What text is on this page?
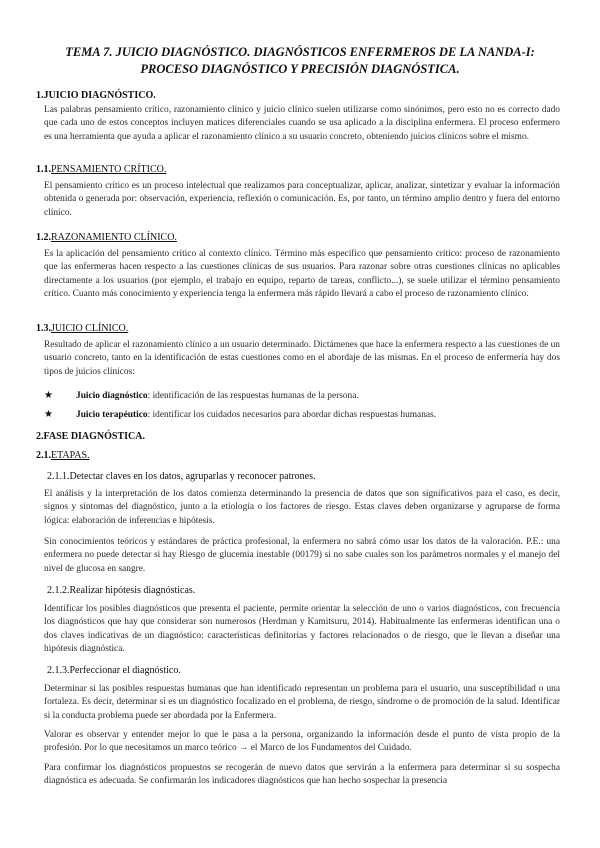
TEMA 7. JUICIO DIAGNÓSTICO. DIAGNÓSTICOS ENFERMEROS DE LA NANDA-I: PROCESO DIAGNÓSTICO Y PRECISIÓN DIAGNÓSTICA.
1.JUICIO DIAGNÓSTICO.
Las palabras pensamiento crítico, razonamiento clínico y juicio clínico suelen utilizarse como sinónimos, pero esto no es correcto dado que cada uno de estos conceptos incluyen matices diferenciales cuando se usa aplicado a la disciplina enfermera. El proceso enfermero es una herramienta que ayuda a aplicar el razonamiento clínico a su usuario concreto, obteniendo juicios clínicos sobre el mismo.
1.1.PENSAMIENTO CRÍTICO.
El pensamiento crítico es un proceso intelectual que realizamos para conceptualizar, aplicar, analizar, sintetizar y evaluar la información obtenida o generada por: observación, experiencia, reflexión o comunicación. Es, por tanto, un término amplio dentro y fuera del entorno clínico.
1.2.RAZONAMIENTO CLÍNICO.
Es la aplicación del pensamiento crítico al contexto clínico. Término más específico que pensamiento crítico: proceso de razonamiento que las enfermeras hacen respecto a las cuestiones clínicas de sus usuarios. Para razonar sobre otras cuestiones clínicas no aplicables directamente a los usuarios (por ejemplo, el trabajo en equipo, reparto de tareas, conflicto...), se suele utilizar el término pensamiento crítico. Cuanto más conocimiento y experiencia tenga la enfermera más rápido llevará a cabo el proceso de razonamiento clínico.
1.3.JUICIO CLÍNICO.
Resultado de aplicar el razonamiento clínico a un usuario determinado. Dictámenes que hace la enfermera respecto a las cuestiones de un usuario concreto, tanto en la identificación de estas cuestiones como en el abordaje de las mismas. En el proceso de enfermería hay dos tipos de juicios clínicos:
★ Juicio diagnóstico: identificación de las respuestas humanas de la persona.
★ Juicio terapéutico: identificar los cuidados necesarios para abordar dichas respuestas humanas.
2.FASE DIAGNÓSTICA.
2.1.ETAPAS.
2.1.1.Detectar claves en los datos, agruparlas y reconocer patrones.
El análisis y la interpretación de los datos comienza determinando la presencia de datos que son significativos para el caso, es decir, signos y síntomas del diagnóstico, junto a la etiología o los factores de riesgo. Estas claves deben organizarse y agruparse de forma lógica: elaboración de inferencias e hipótesis.
Sin conocimientos teóricos y estándares de práctica profesional, la enfermera no sabrá cómo usar los datos de la valoración. P.E.: una enfermera no puede detectar si hay Riesgo de glucemia inestable (00179) si no sabe cuales son los parámetros normales y el manejo del nivel de glucosa en sangre.
2.1.2.Realizar hipótesis diagnósticas.
Identificar los posibles diagnósticos que presenta el paciente, permite orientar la selección de uno o varios diagnósticos, con frecuencia los diagnósticos que hay que considerar son numerosos (Herdman y Kamitsuru, 2014). Habitualmente las enfermeras identifican una o dos claves indicativas de un diagnóstico: características definitorias y factores relacionados o de riesgo, que le llevan a diseñar una hipótesis diagnóstica.
2.1.3.Perfeccionar el diagnóstico.
Determinar si las posibles respuestas humanas que han identificado representan un problema para el usuario, una susceptibilidad o una fortaleza. Es decir, determinar si es un diagnóstico focalizado en el problema, de riesgo, síndrome o de promoción de la salud. Identificar si la conducta problema puede ser abordada por la Enfermera.
Valorar es observar y entender mejor lo que le pasa a la persona, organizando la información desde el punto de vista propio de la profesión. Por lo que necesitamos un marco teórico → el Marco de los Fundamentos del Cuidado.
Para confirmar los diagnósticos propuestos se recogerán de nuevo datos que servirán a la enfermera para determinar si su sospecha diagnóstica es adecuada. Se confirmarán los indicadores diagnósticos que han hecho sospechar la presencia
